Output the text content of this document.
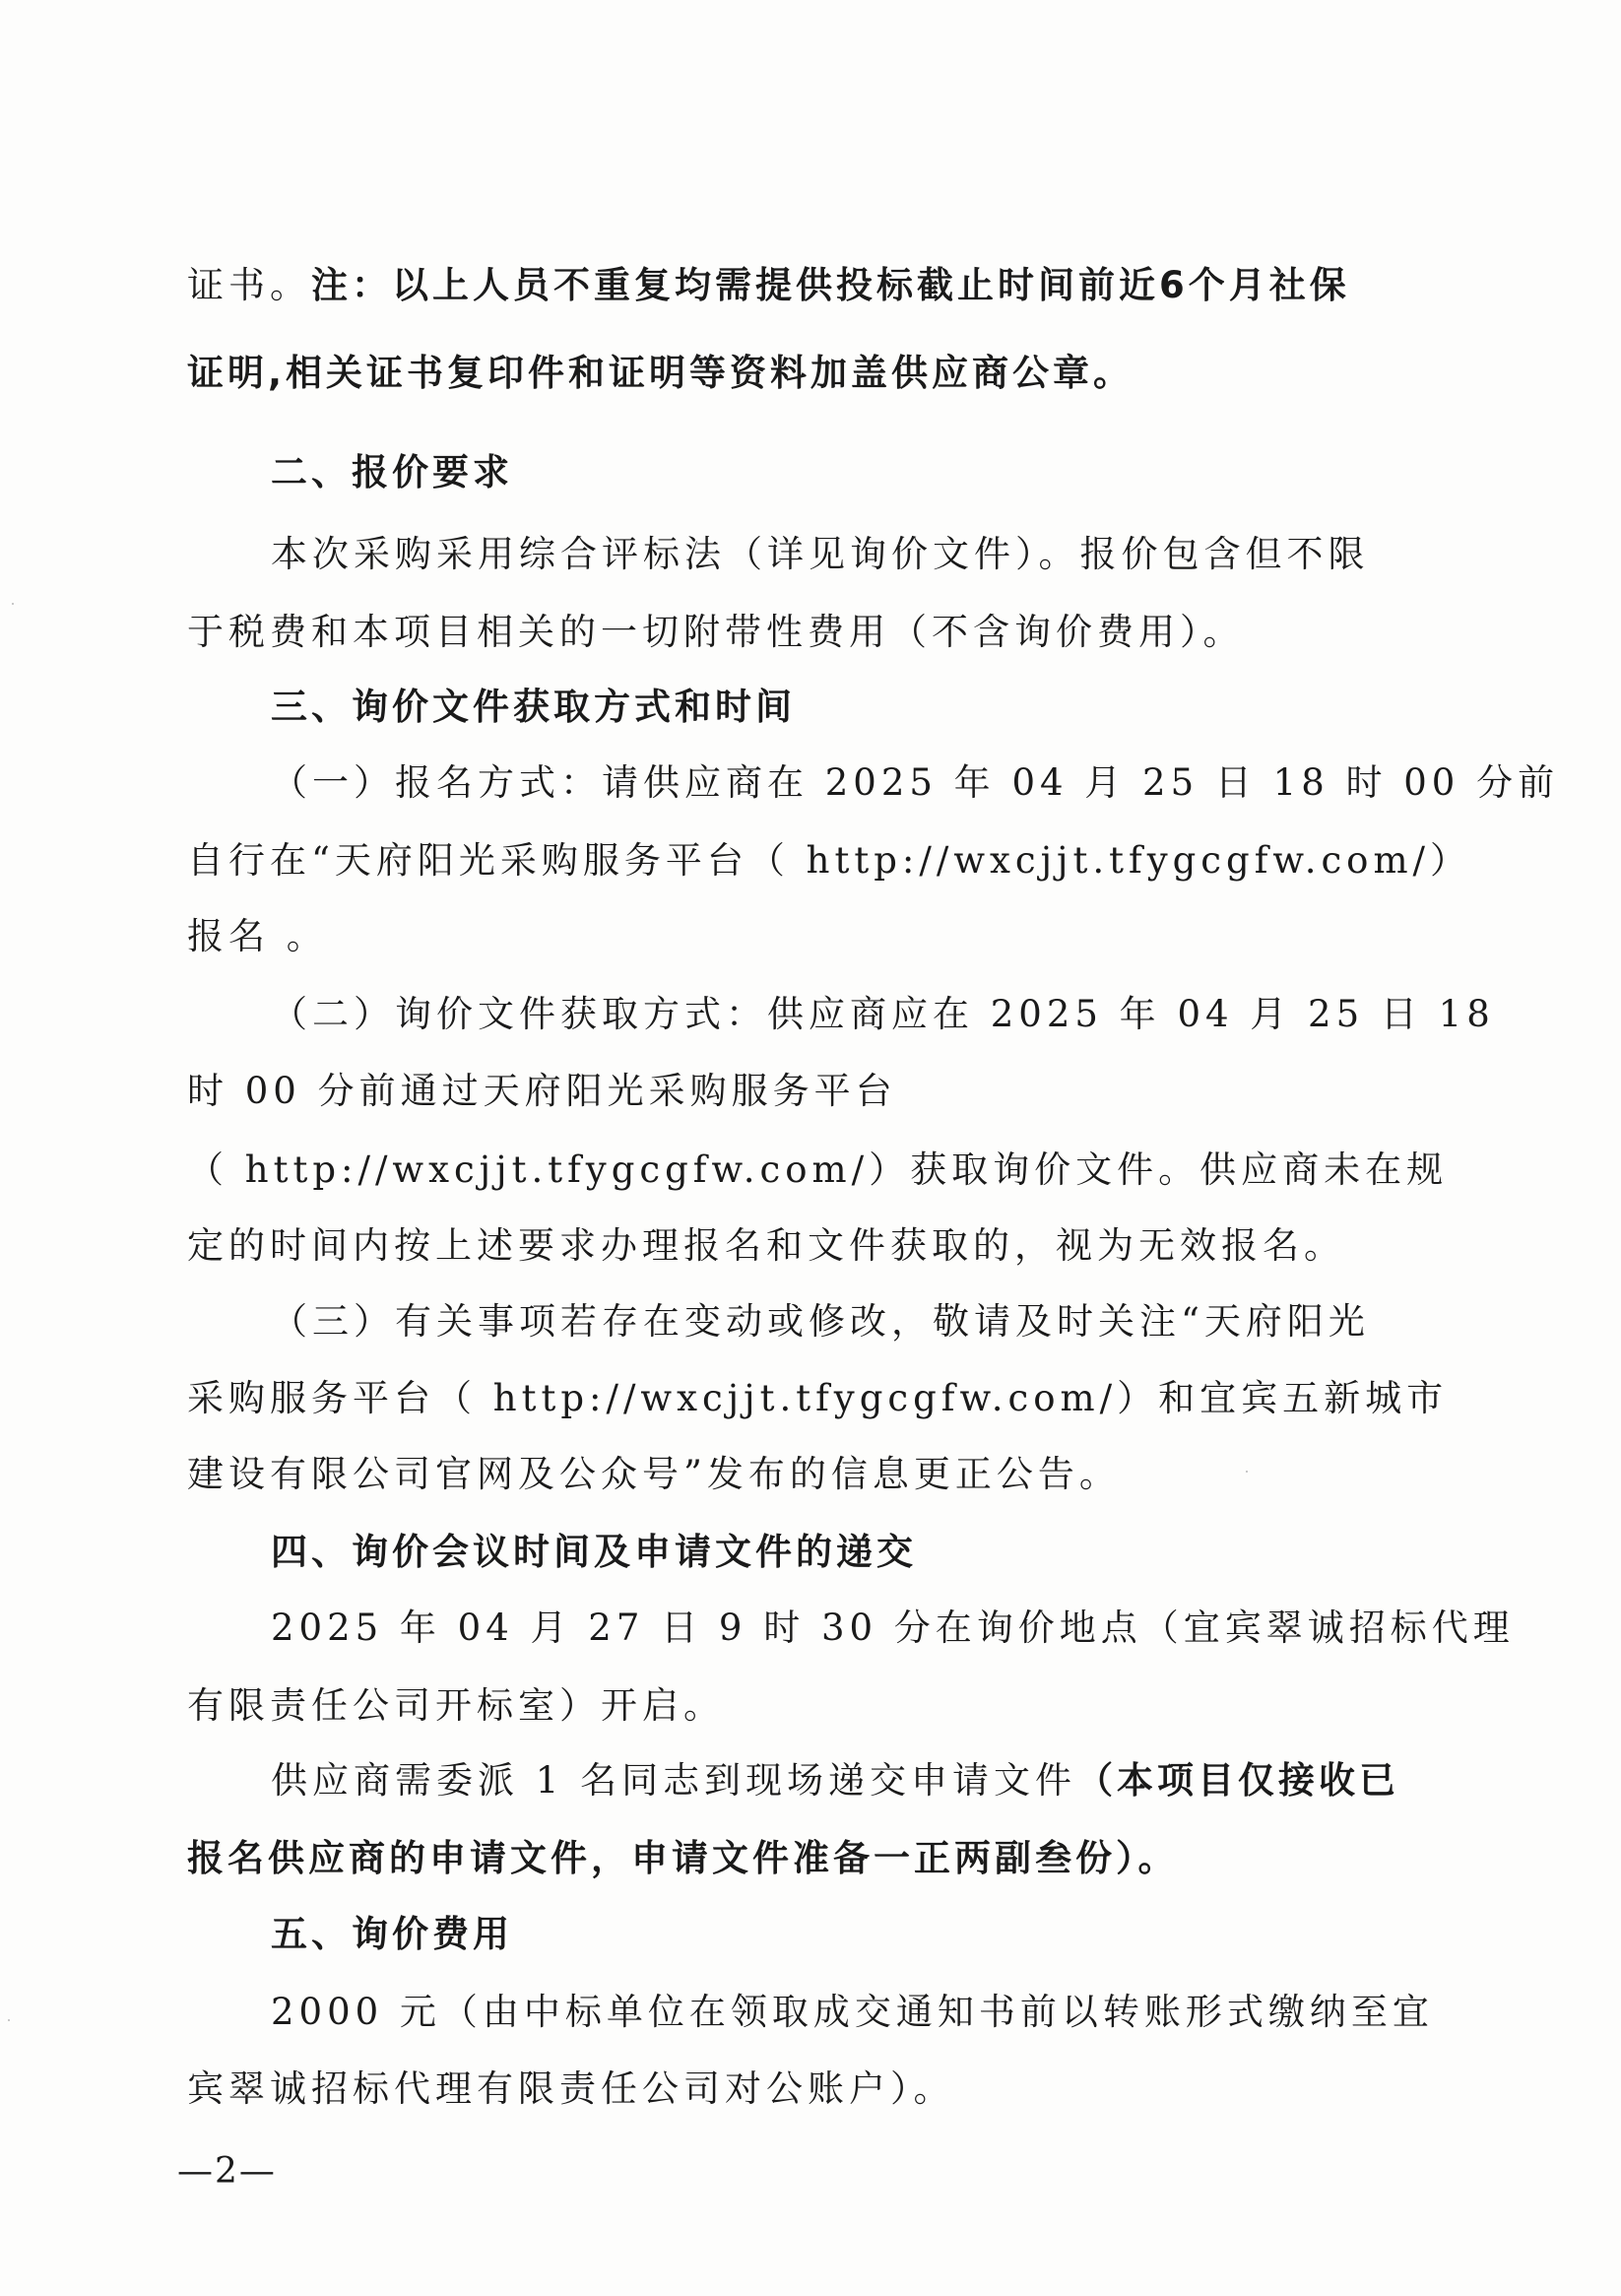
证书。注：以上人员不重复均需提供投标截止时间前近6个月社保
证明,相关证书复印件和证明等资料加盖供应商公章。
二、报价要求
本次采购采用综合评标法（详见询价文件）。报价包含但不限
于税费和本项目相关的一切附带性费用（不含询价费用）。
三、询价文件获取方式和时间
（一）报名方式：请供应商在 2025 年 04 月 25 日 18 时 00 分前
自行在“天府阳光采购服务平台（ http://wxcjjt.tfygcgfw.com/）
报名 。
（二）询价文件获取方式：供应商应在 2025 年 04 月 25 日 18
时 00 分前通过天府阳光采购服务平台
（ http://wxcjjt.tfygcgfw.com/）获取询价文件。供应商未在规
定的时间内按上述要求办理报名和文件获取的，视为无效报名。
（三）有关事项若存在变动或修改，敬请及时关注“天府阳光
采购服务平台（ http://wxcjjt.tfygcgfw.com/）和宜宾五新城市
建设有限公司官网及公众号”发布的信息更正公告。
四、询价会议时间及申请文件的递交
2025 年 04 月 27 日 9 时 30 分在询价地点（宜宾翠诚招标代理
有限责任公司开标室）开启。
供应商需委派 1 名同志到现场递交申请文件（本项目仅接收已
报名供应商的申请文件，申请文件准备一正两副叁份）。
五、询价费用
2000 元（由中标单位在领取成交通知书前以转账形式缴纳至宜
宾翠诚招标代理有限责任公司对公账户）。
—2—
